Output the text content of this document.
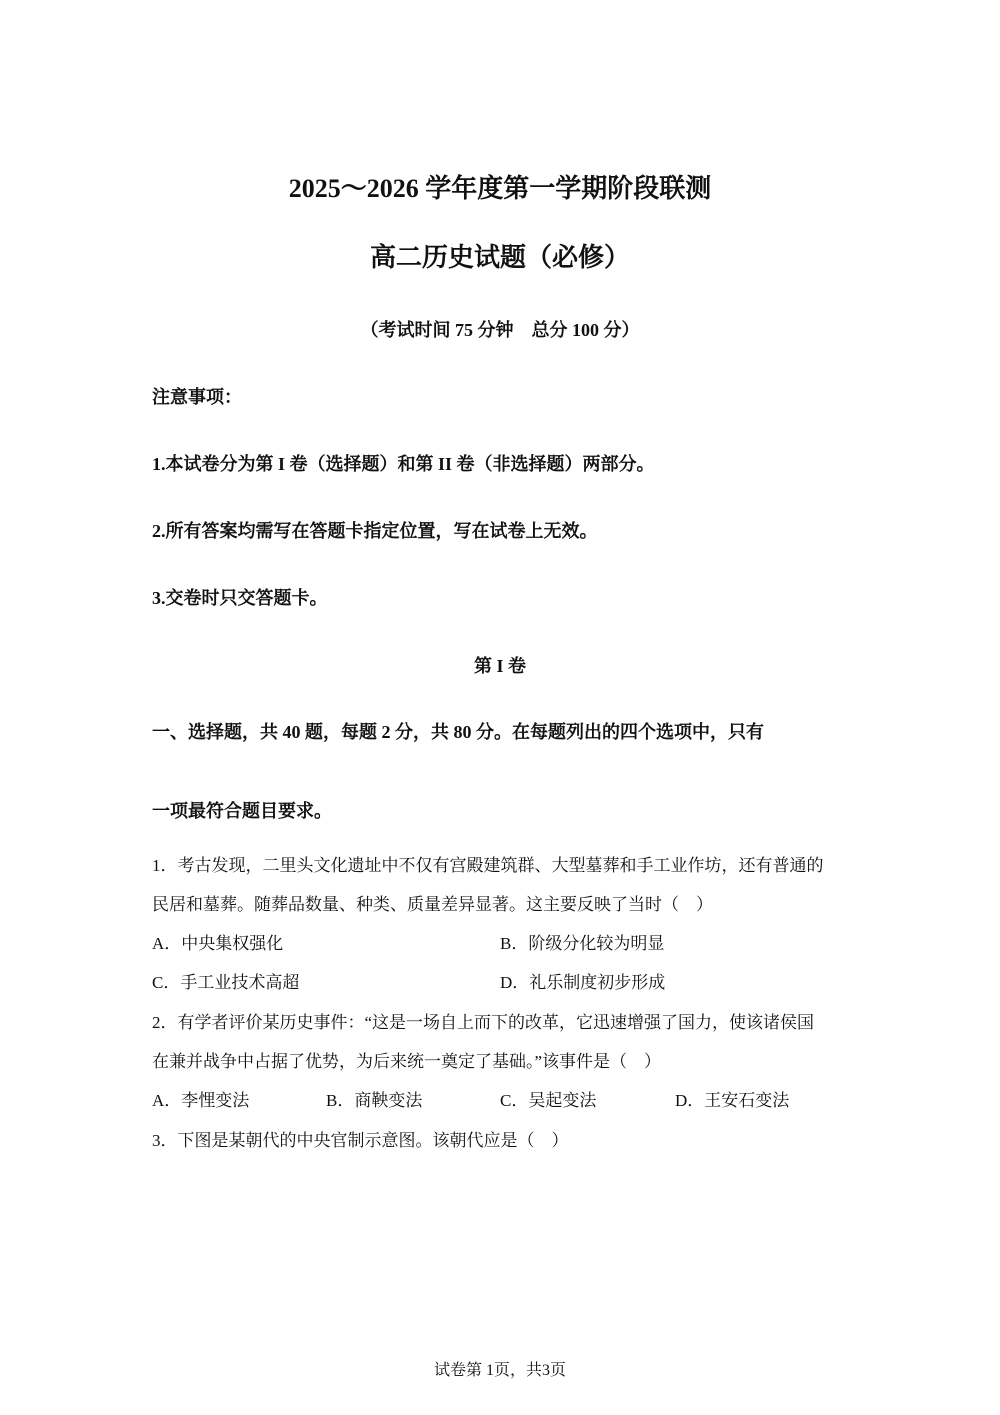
2025～2026 学年度第一学期阶段联测
高二历史试题（必修）
（考试时间 75 分钟　总分 100 分）
注意事项：
1.本试卷分为第 I 卷（选择题）和第 II 卷（非选择题）两部分。
2.所有答案均需写在答题卡指定位置，写在试卷上无效。
3.交卷时只交答题卡。
第 I 卷
一、选择题，共 40 题，每题 2 分，共 80 分。在每题列出的四个选项中，只有
一项最符合题目要求。
1．考古发现，二里头文化遗址中不仅有宫殿建筑群、大型墓葬和手工业作坊，还有普通的
民居和墓葬。随葬品数量、种类、质量差异显著。这主要反映了当时（　）
A．中央集权强化	B．阶级分化较为明显
C．手工业技术高超	D．礼乐制度初步形成
2．有学者评价某历史事件：“这是一场自上而下的改革，它迅速增强了国力，使该诸侯国
在兼并战争中占据了优势，为后来统一奠定了基础。”该事件是（　）
A．李悝变法	B．商鞅变法	C．吴起变法	D．王安石变法
3．下图是某朝代的中央官制示意图。该朝代应是（　）
试卷第 1页，共3页
